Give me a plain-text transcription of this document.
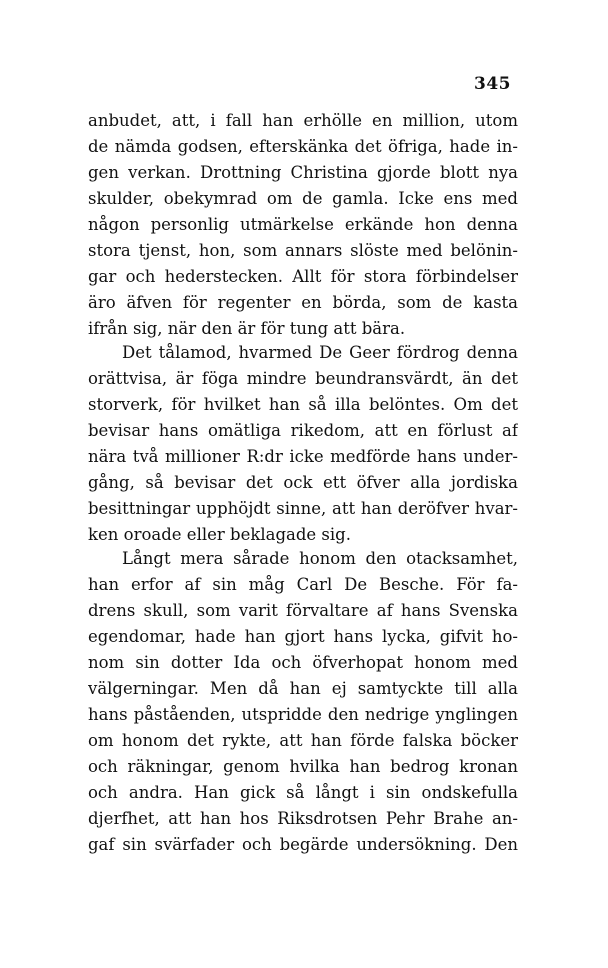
345
anbudet, att, i fall han erhölle en million, utom
de nämda godsen, efterskänka det öfriga, hade in-
gen verkan. Drottning Christina gjorde blott nya
skulder, obekymrad om de gamla. Icke ens med
någon personlig utmärkelse erkände hon denna
stora tjenst, hon, som annars slöste med belönin-
gar och hederstecken. Allt för stora förbindelser
äro äfven för regenter en börda, som de kasta
ifrån sig, när den är för tung att bära.
Det tålamod, hvarmed De Geer fördrog denna
orättvisa, är föga mindre beundransvärdt, än det
storverk, för hvilket han så illa belöntes. Om det
bevisar hans omätliga rikedom, att en förlust af
nära två millioner R:dr icke medförde hans under-
gång, så bevisar det ock ett öfver alla jordiska
besittningar upphöjdt sinne, att han deröfver hvar-
ken oroade eller beklagade sig.
Långt mera sårade honom den otacksamhet,
han erfor af sin måg Carl De Besche. För fa-
drens skull, som varit förvaltare af hans Svenska
egendomar, hade han gjort hans lycka, gifvit ho-
nom sin dotter Ida och öfverhopat honom med
välgerningar. Men då han ej samtyckte till alla
hans påståenden, utspridde den nedrige ynglingen
om honom det rykte, att han förde falska böcker
och räkningar, genom hvilka han bedrog kronan
och andra. Han gick så långt i sin ondskefulla
djerfhet, att han hos Riksdrotsen Pehr Brahe an-
gaf sin svärfader och begärde undersökning. Den
